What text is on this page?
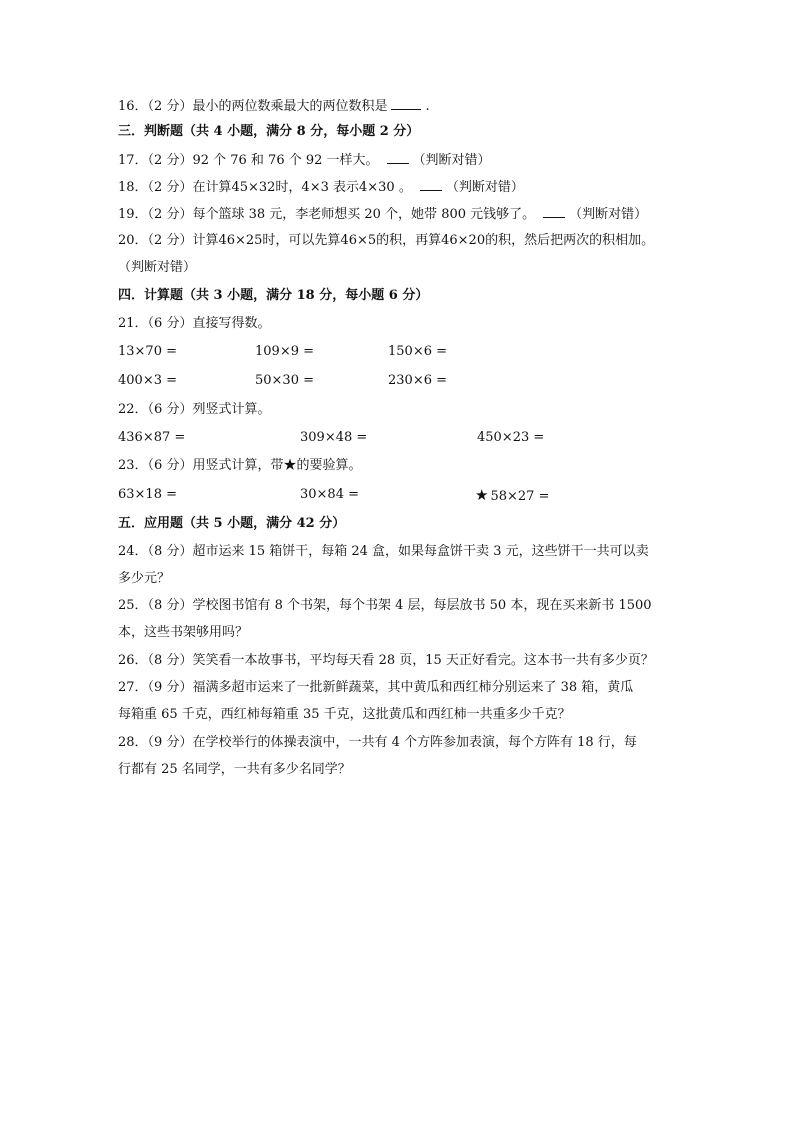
16．（2 分）最小的两位数乘最大的两位数积是	.
三．判断题（共 4 小题，满分 8 分，每小题 2 分）
17．（2 分）92 个 76 和 76 个 92 一样大。	（判断对错）
18．（2 分）在计算45×32时，4×3 表示4×30 。	（判断对错）
19．（2 分）每个篮球 38 元，李老师想买 20 个，她带 800 元钱够了。	（判断对错）
20．（2 分）计算46×25时，可以先算46×5的积，再算46×20的积，然后把两次的积相加。
（判断对错）
四．计算题（共 3 小题，满分 18 分，每小题 6 分）
21．（6 分）直接写得数。
13×70 =	109×9 =	150×6 =
400×3 =	50×30 =	230×6 =
22．（6 分）列竖式计算。
436×87 =	309×48 =	450×23 =
23．（6 分）用竖式计算，带★的要验算。
63×18 =	30×84 =	★ 58×27 =
五．应用题（共 5 小题，满分 42 分）
24．（8 分）超市运来 15 箱饼干，每箱 24 盒，如果每盒饼干卖 3 元，这些饼干一共可以卖
多少元？
25．（8 分）学校图书馆有 8 个书架，每个书架 4 层，每层放书 50 本，现在买来新书 1500
本，这些书架够用吗？
26．（8 分）笑笑看一本故事书，平均每天看 28 页，15 天正好看完。这本书一共有多少页？
27．（9 分）福满多超市运来了一批新鲜蔬菜，其中黄瓜和西红柿分别运来了 38 箱，黄瓜
每箱重 65 千克，西红柿每箱重 35 千克，这批黄瓜和西红柿一共重多少千克？
28．（9 分）在学校举行的体操表演中，一共有 4 个方阵参加表演，每个方阵有 18 行，每
行都有 25 名同学，一共有多少名同学？
